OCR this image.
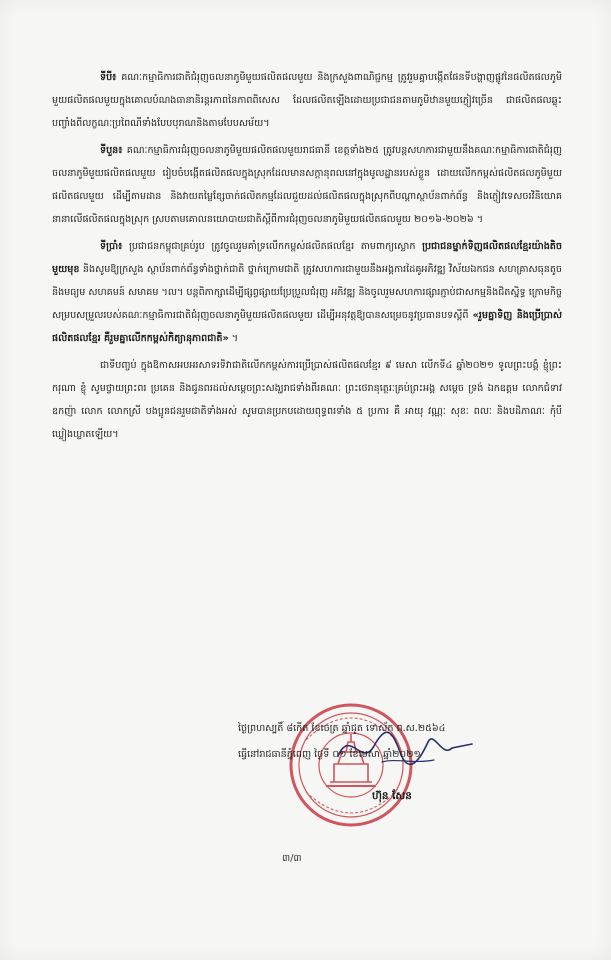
ទីបី៖ គណៈកម្មាធិការជាតិជំរុញចលនាភូមិមួយផលិតផលមួយ និងក្រសួងពាណិជ្ជកម្ម ត្រូវរួមគ្នាបង្កើតផែនទីបង្ហាញផ្លូវនៃផលិតផលភូមិមួយផលិតផលមួយក្នុងគោលបំណងធានានិរន្តរភាពនៃភាពពិសេស ដែលផលិតឡើងដោយប្រជាជនតាមភូមិឋានមួយភ្ញៀវច្រើន ជាផលិតផលឆ្លុះបញ្ចាំងពីលក្ខណៈប្រពៃណីទាំងបែបបុរាណនិងតាមបែបសម័យ។

ទីបួន៖ គណៈកម្មាធិការជំរុញចលនាភូមិមួយផលិតផលមួយរាជធានី ខេត្តទាំង២៥ ត្រូវបន្តសហការជាមួយនឹងគណៈកម្មាធិការជាតិជំរុញចលនាភូមិមួយផលិតផលមួយ រៀបចំបង្កើតផលិតផលក្នុងស្រុកដែលមានសក្តានុពលនៅក្នុងមូលដ្ឋានរបស់ខ្លួន ដោយលើកកម្ពស់ផលិតផលភូមិមួយផលិតផលមួយ ដើម្បីតាមដាន និងវាយតម្លៃខ្សែចាក់ផលិតកម្មដែលជួយដល់ផលិតផលក្នុងស្រុកពីបណ្តាស្ថាប័នពាក់ព័ន្ធ និងភ្ញៀវទេសចរវិនិយោគ នានាលើផលិតផលក្នុងស្រុក ស្របតាមគោលនយោបាយជាតិស្តីពីការជំរុញចលនាភូមិមួយផលិតផលមួយ ២០១៦-២០២៦ ។

ទីប្រាំ៖ ប្រជាជនកម្ពុជាគ្រប់រូប ត្រូវចូលរួមគាំទ្រលើកកម្ពស់ផលិតផលខ្មែរ តាមពាក្យស្លោក ប្រជាជនម្នាក់ទិញផលិតផលខ្មែរយ៉ាងតិចមួយមុខ និងសូមឱ្យក្រសួង ស្ថាប័នពាក់ព័ន្ធទាំងថ្នាក់ជាតិ ថ្នាក់ក្រោមជាតិ ត្រូវសហការជាមួយនឹងអង្គការដៃគូអភិវឌ្ឍ វិស័យឯកជន សហគ្រាសធុនតូចនិងមធ្យម សហគមន៍ សមាគម ។ល។ បន្តពិភាក្សាដើម្បីផ្សព្វផ្សាយប្រែប្រួលជំរុញ អភិវឌ្ឍ និងចូលរួមសហការផ្សារភ្ជាប់ជាសកម្មនិងជិតស្និទ្ធ ក្រោមកិច្ចសម្របសម្រួលរបស់គណៈកម្មាធិការជាតិជំរុញចលនាភូមិមួយផលិតផលមួយ ដើម្បីអនុវត្តឱ្យបានសម្រេចនូវប្រធានបទស្តីពី «រួមគ្នាទិញ និងប្រើប្រាស់ផលិតផលខ្មែរ គឺរួមគ្នាលើកកម្ពស់កិត្យានុភាពជាតិ» ។

ជាទីបញ្ចប់ ក្នុងឱកាសអបអរសាទរទិវាជាតិលើកកម្ពស់ការប្រើប្រាស់ផលិតផលខ្មែរ ៩ មេសា លើកទី៤ ឆ្នាំ២០២១ ទូលព្រះបង្គំ ខ្ញុំព្រះករុណា ខ្ញុំ សូមថ្វាយព្រះពរ ប្រគេន និងជូនពរដល់សម្តេចព្រះសង្ឃរាជទាំងពីរគណៈ ព្រះថេរានុត្ថេរៈគ្រប់ព្រះអង្គ សម្តេច ទ្រង់ ឯកឧត្តម លោកជំទាវ ឧកញ៉ា លោក លោកស្រី បងប្អូនជនរួមជាតិទាំងអស់ សូមបានប្រកបដោយពុទ្ធពរទាំង ៥ ប្រការ គឺ អាយុ វណ្ណៈ សុខៈ ពលៈ និងបដិភាណៈ កុំបីឃ្លៀងឃ្លាតឡើយ។

ថ្ងៃព្រហស្បតិ៍ ៨កើត ខែចេត្រ ឆ្នាំជូត ទោស័ក ព.ស.២៥៦៤
ធ្វើនៅរាជធានីភ្នំពេញ ថ្ងៃទី ០១ ខែមេសា ឆ្នាំ២០២១
ហ៊ុន សែន
៣/៣
